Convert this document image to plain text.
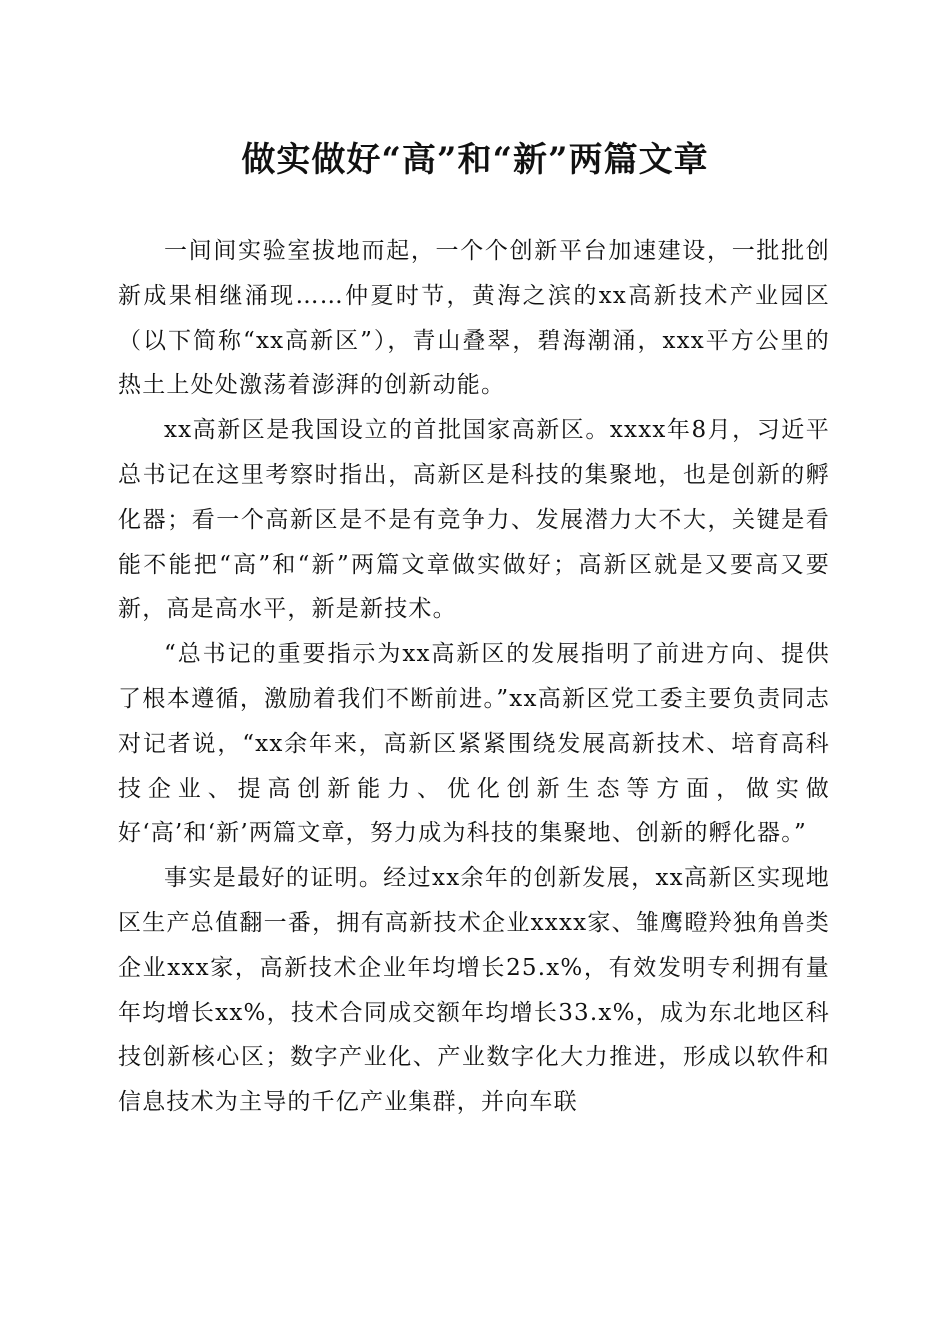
做实做好“高”和“新”两篇文章

一间间实验室拔地而起，一个个创新平台加速建设，一批批创新成果相继涌现……仲夏时节，黄海之滨的xx高新技术产业园区（以下简称“xx高新区”），青山叠翠，碧海潮涌，xxx平方公里的热土上处处激荡着澎湃的创新动能。

xx高新区是我国设立的首批国家高新区。xxxx年8月，习近平总书记在这里考察时指出，高新区是科技的集聚地，也是创新的孵化器；看一个高新区是不是有竞争力、发展潜力大不大，关键是看能不能把“高”和“新”两篇文章做实做好；高新区就是又要高又要新，高是高水平，新是新技术。

“总书记的重要指示为xx高新区的发展指明了前进方向、提供了根本遵循，激励着我们不断前进。”xx高新区党工委主要负责同志对记者说，“xx余年来，高新区紧紧围绕发展高新技术、培育高科技企业、提高创新能力、优化创新生态等方面，做实做好‘高’和‘新’两篇文章，努力成为科技的集聚地、创新的孵化器。”

事实是最好的证明。经过xx余年的创新发展，xx高新区实现地区生产总值翻一番，拥有高新技术企业xxxx家、雏鹰瞪羚独角兽类企业xxx家，高新技术企业年均增长25.x%，有效发明专利拥有量年均增长xx%，技术合同成交额年均增长33.x%，成为东北地区科技创新核心区；数字产业化、产业数字化大力推进，形成以软件和信息技术为主导的千亿产业集群，并向车联
